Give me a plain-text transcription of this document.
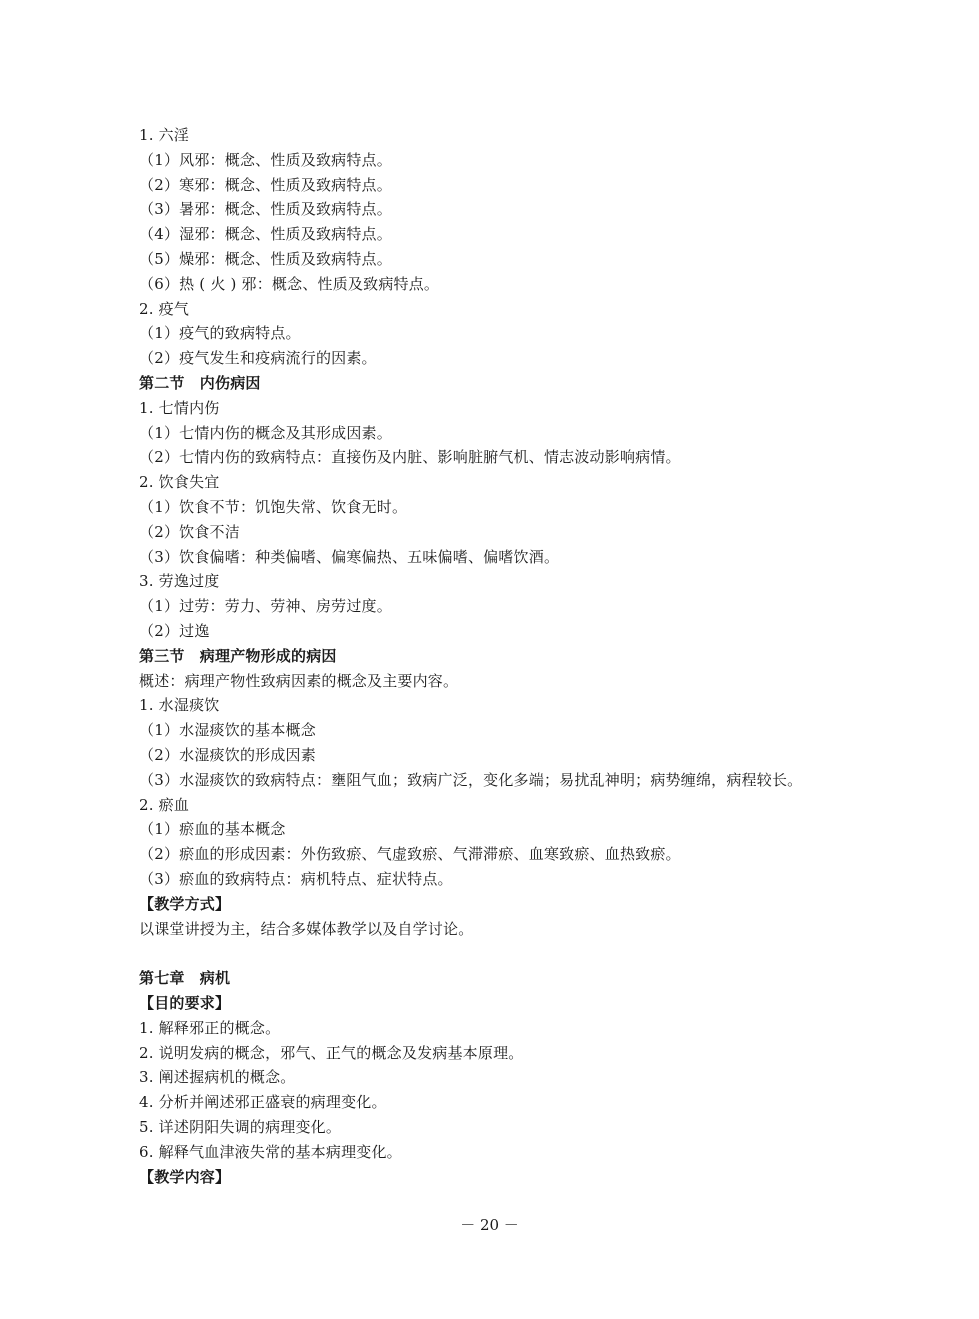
1. 六淫
（1）风邪：概念、性质及致病特点。
（2）寒邪：概念、性质及致病特点。
（3）暑邪：概念、性质及致病特点。
（4）湿邪：概念、性质及致病特点。
（5）燥邪：概念、性质及致病特点。
（6）热 ( 火 ) 邪：概念、性质及致病特点。
2. 疫气
（1）疫气的致病特点。
（2）疫气发生和疫病流行的因素。
第二节　内伤病因
1. 七情内伤
（1）七情内伤的概念及其形成因素。
（2）七情内伤的致病特点：直接伤及内脏、影响脏腑气机、情志波动影响病情。
2. 饮食失宜
（1）饮食不节：饥饱失常、饮食无时。
（2）饮食不洁
（3）饮食偏嗜：种类偏嗜、偏寒偏热、五味偏嗜、偏嗜饮酒。
3. 劳逸过度
（1）过劳：劳力、劳神、房劳过度。
（2）过逸
第三节　病理产物形成的病因
概述：病理产物性致病因素的概念及主要内容。
1. 水湿痰饮
（1）水湿痰饮的基本概念
（2）水湿痰饮的形成因素
（3）水湿痰饮的致病特点：壅阻气血；致病广泛，变化多端；易扰乱神明；病势缠绵，病程较长。
2. 瘀血
（1）瘀血的基本概念
（2）瘀血的形成因素：外伤致瘀、气虚致瘀、气滞滞瘀、血寒致瘀、血热致瘀。
（3）瘀血的致病特点：病机特点、症状特点。
【教学方式】
以课堂讲授为主，结合多媒体教学以及自学讨论。
第七章　病机
【目的要求】
1. 解释邪正的概念。
2. 说明发病的概念，邪气、正气的概念及发病基本原理。
3. 阐述握病机的概念。
4. 分析并阐述邪正盛衰的病理变化。
5. 详述阴阳失调的病理变化。
6. 解释气血津液失常的基本病理变化。
【教学内容】
－ 20 －
